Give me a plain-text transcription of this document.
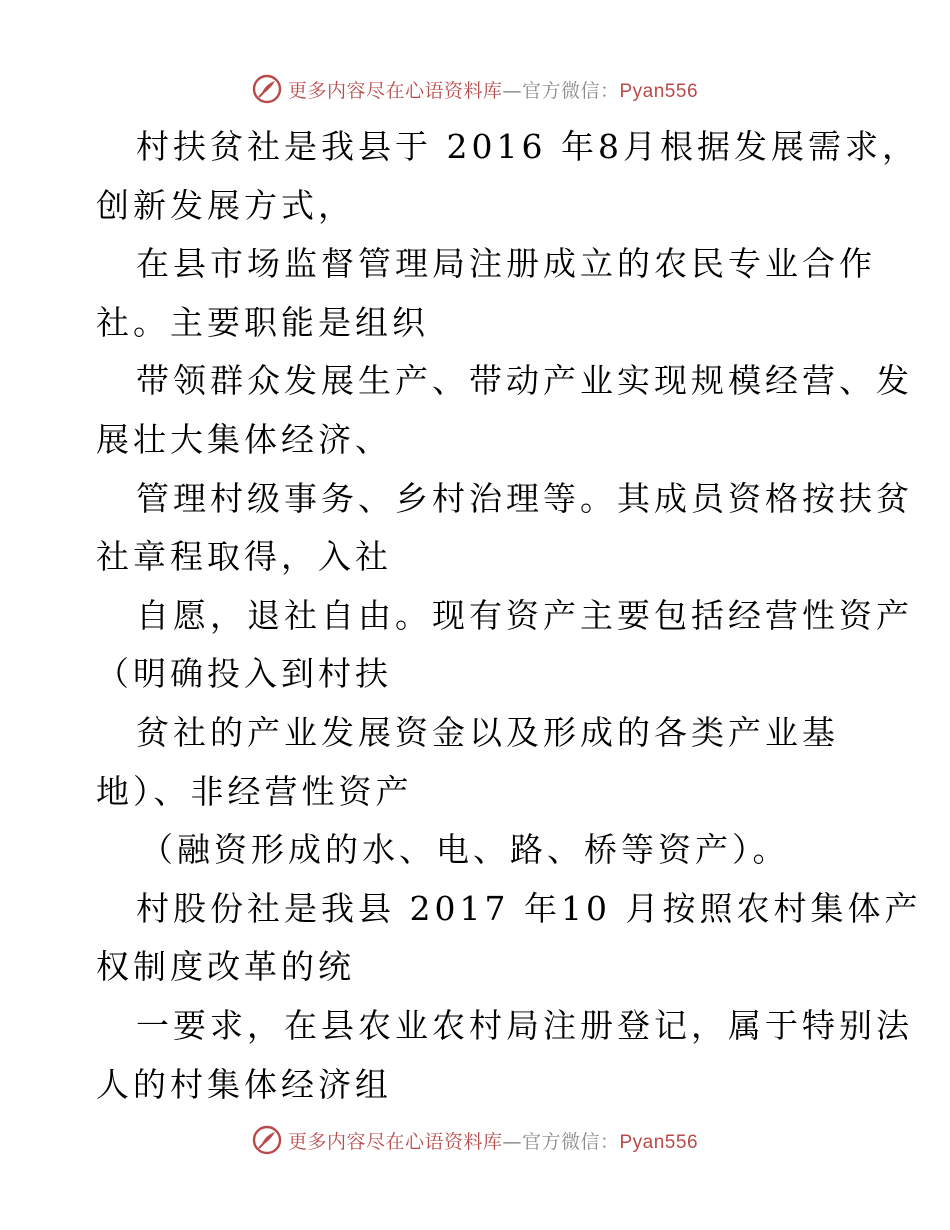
更多内容尽在心语资料库—官方微信：Pyan556
村扶贫社是我县于 2016 年8月根据发展需求，
创新发展方式，
在县市场监督管理局注册成立的农民专业合作
社。主要职能是组织
带领群众发展生产、带动产业实现规模经营、发
展壮大集体经济、
管理村级事务、乡村治理等。其成员资格按扶贫
社章程取得，入社
自愿，退社自由。现有资产主要包括经营性资产
（明确投入到村扶
贫社的产业发展资金以及形成的各类产业基
地）、非经营性资产
（融资形成的水、电、路、桥等资产）。
村股份社是我县 2017 年10 月按照农村集体产
权制度改革的统
一要求，在县农业农村局注册登记，属于特别法
人的村集体经济组
更多内容尽在心语资料库—官方微信：Pyan556
